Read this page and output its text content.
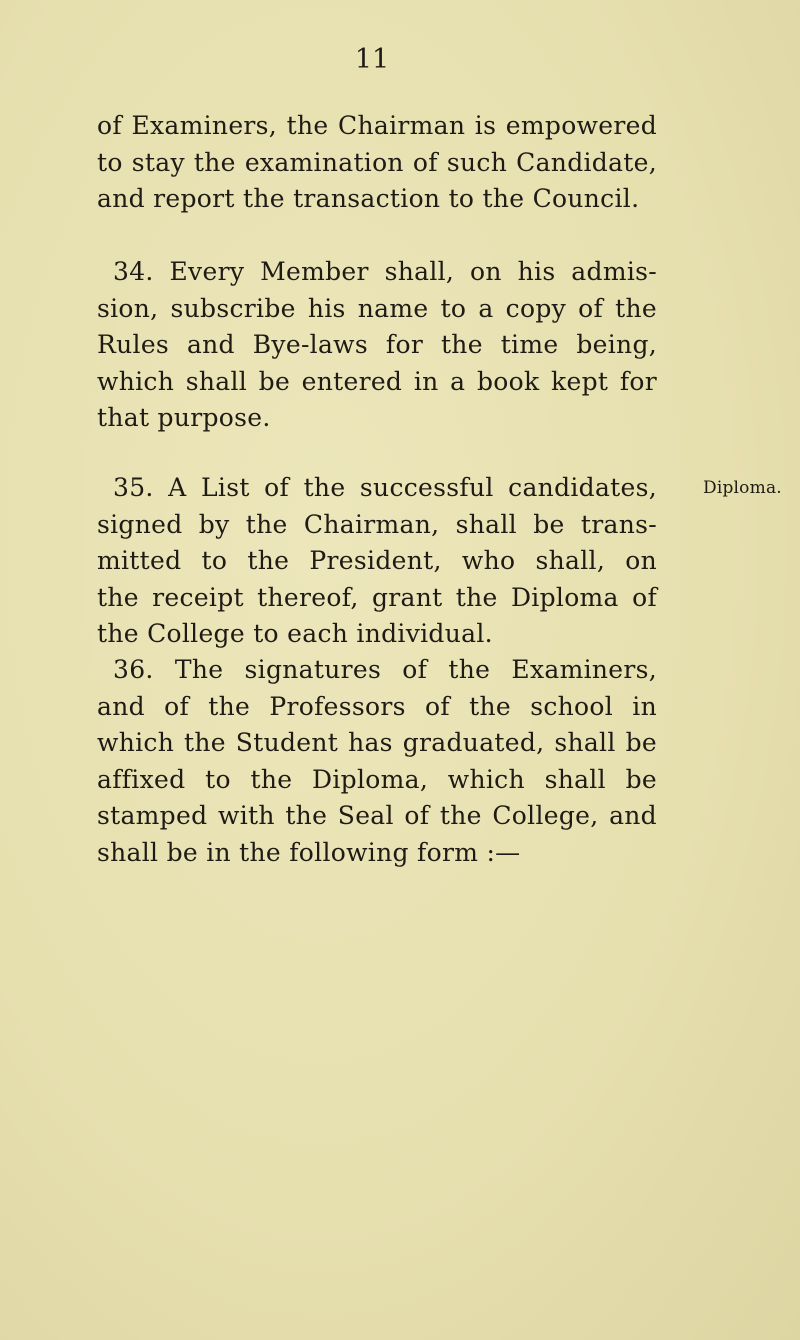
11
of Examiners, the Chairman is empowered
to stay the examination of such Candidate,
and report the transaction to the Council.
34. Every Member shall, on his admis-
sion, subscribe his name to a copy of the
Rules and Bye-laws for the time being,
which shall be entered in a book kept for
that purpose.
35. A List of the successful candidates,
signed by the Chairman, shall be trans-
mitted to the President, who shall, on
the receipt thereof, grant the Diploma of
the College to each individual.
Diploma.
36. The signatures of the Examiners,
and of the Professors of the school in
which the Student has graduated, shall be
affixed to the Diploma, which shall be
stamped with the Seal of the College, and
shall be in the following form :—
